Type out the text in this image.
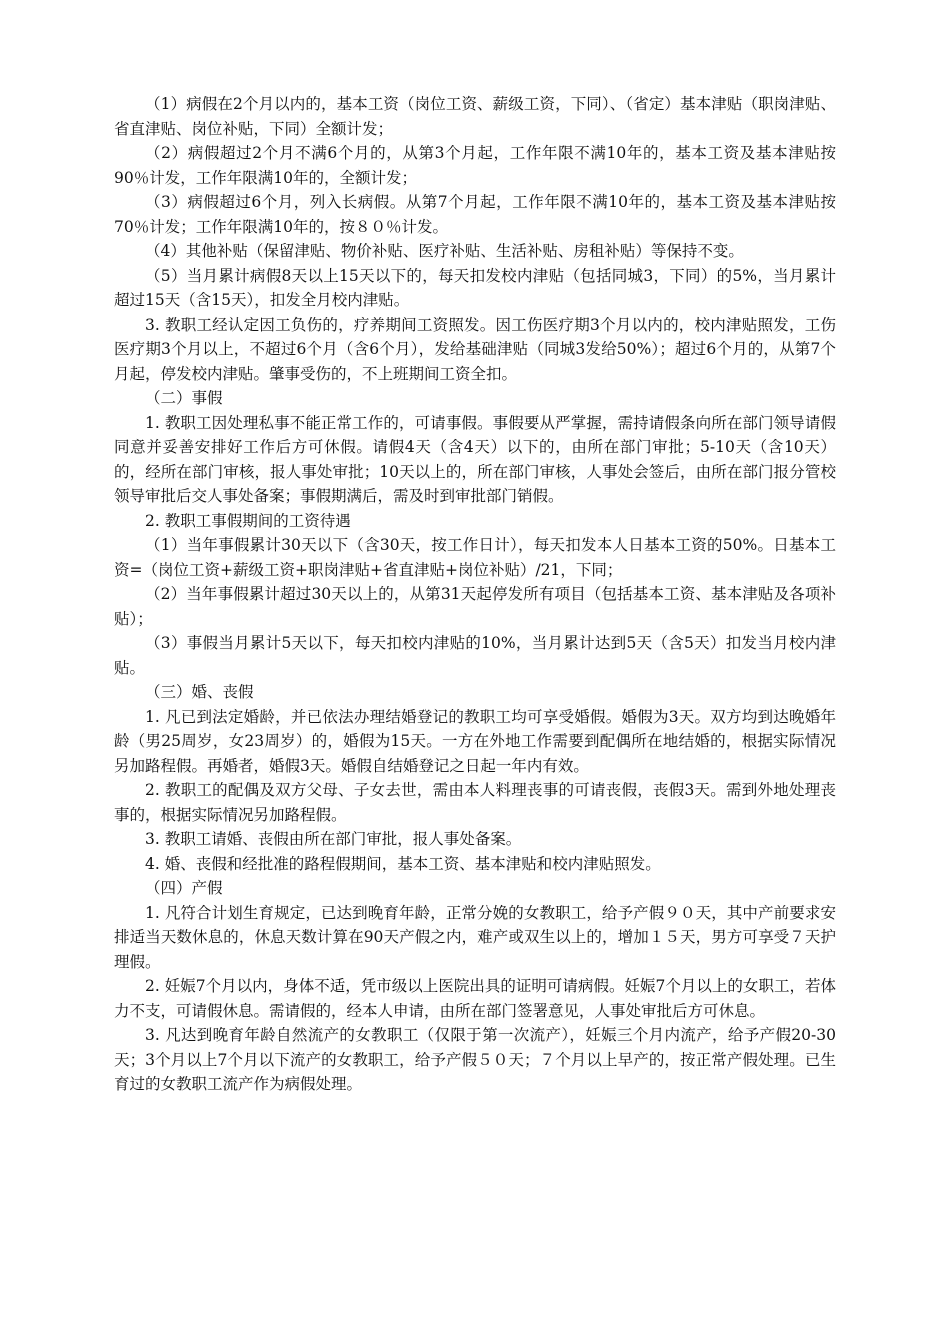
（1）病假在2个月以内的，基本工资（岗位工资、薪级工资，下同）、（省定）基本津贴（职岗津贴、省直津贴、岗位补贴，下同）全额计发；

（2）病假超过2个月不满6个月的，从第3个月起，工作年限不满10年的，基本工资及基本津贴按90％计发，工作年限满10年的，全额计发；

（3）病假超过6个月，列入长病假。从第7个月起，工作年限不满10年的，基本工资及基本津贴按70％计发；工作年限满10年的，按８０％计发。

（4）其他补贴（保留津贴、物价补贴、医疗补贴、生活补贴、房租补贴）等保持不变。

（5）当月累计病假8天以上15天以下的，每天扣发校内津贴（包括同城3，下同）的5%，当月累计超过15天（含15天），扣发全月校内津贴。

3. 教职工经认定因工负伤的，疗养期间工资照发。因工伤医疗期3个月以内的，校内津贴照发，工伤医疗期3个月以上，不超过6个月（含6个月），发给基础津贴（同城3发给50%）；超过6个月的，从第7个月起，停发校内津贴。肇事受伤的，不上班期间工资全扣。

（二）事假

1. 教职工因处理私事不能正常工作的，可请事假。事假要从严掌握，需持请假条向所在部门领导请假同意并妥善安排好工作后方可休假。请假4天（含4天）以下的，由所在部门审批；5-10天（含10天）的，经所在部门审核，报人事处审批；10天以上的，所在部门审核，人事处会签后，由所在部门报分管校领导审批后交人事处备案；事假期满后，需及时到审批部门销假。

2. 教职工事假期间的工资待遇

（1）当年事假累计30天以下（含30天，按工作日计），每天扣发本人日基本工资的50%。日基本工资=（岗位工资+薪级工资+职岗津贴+省直津贴+岗位补贴）/21，下同；

（2）当年事假累计超过30天以上的，从第31天起停发所有项目（包括基本工资、基本津贴及各项补贴）；

（3）事假当月累计5天以下，每天扣校内津贴的10%，当月累计达到5天（含5天）扣发当月校内津贴。

（三）婚、丧假

1. 凡已到法定婚龄，并已依法办理结婚登记的教职工均可享受婚假。婚假为3天。双方均到达晚婚年龄（男25周岁，女23周岁）的，婚假为15天。一方在外地工作需要到配偶所在地结婚的，根据实际情况另加路程假。再婚者，婚假3天。婚假自结婚登记之日起一年内有效。

2. 教职工的配偶及双方父母、子女去世，需由本人料理丧事的可请丧假，丧假3天。需到外地处理丧事的，根据实际情况另加路程假。

3. 教职工请婚、丧假由所在部门审批，报人事处备案。

4. 婚、丧假和经批准的路程假期间，基本工资、基本津贴和校内津贴照发。

（四）产假

1. 凡符合计划生育规定，已达到晚育年龄，正常分娩的女教职工，给予产假９０天，其中产前要求安排适当天数休息的，休息天数计算在90天产假之内，难产或双生以上的，增加１５天，男方可享受７天护理假。

2. 妊娠7个月以内，身体不适，凭市级以上医院出具的证明可请病假。妊娠7个月以上的女职工，若体力不支，可请假休息。需请假的，经本人申请，由所在部门签署意见，人事处审批后方可休息。

3. 凡达到晚育年龄自然流产的女教职工（仅限于第一次流产），妊娠三个月内流产，给予产假20-30天；3个月以上7个月以下流产的女教职工，给予产假５０天；７个月以上早产的，按正常产假处理。已生育过的女教职工流产作为病假处理。
